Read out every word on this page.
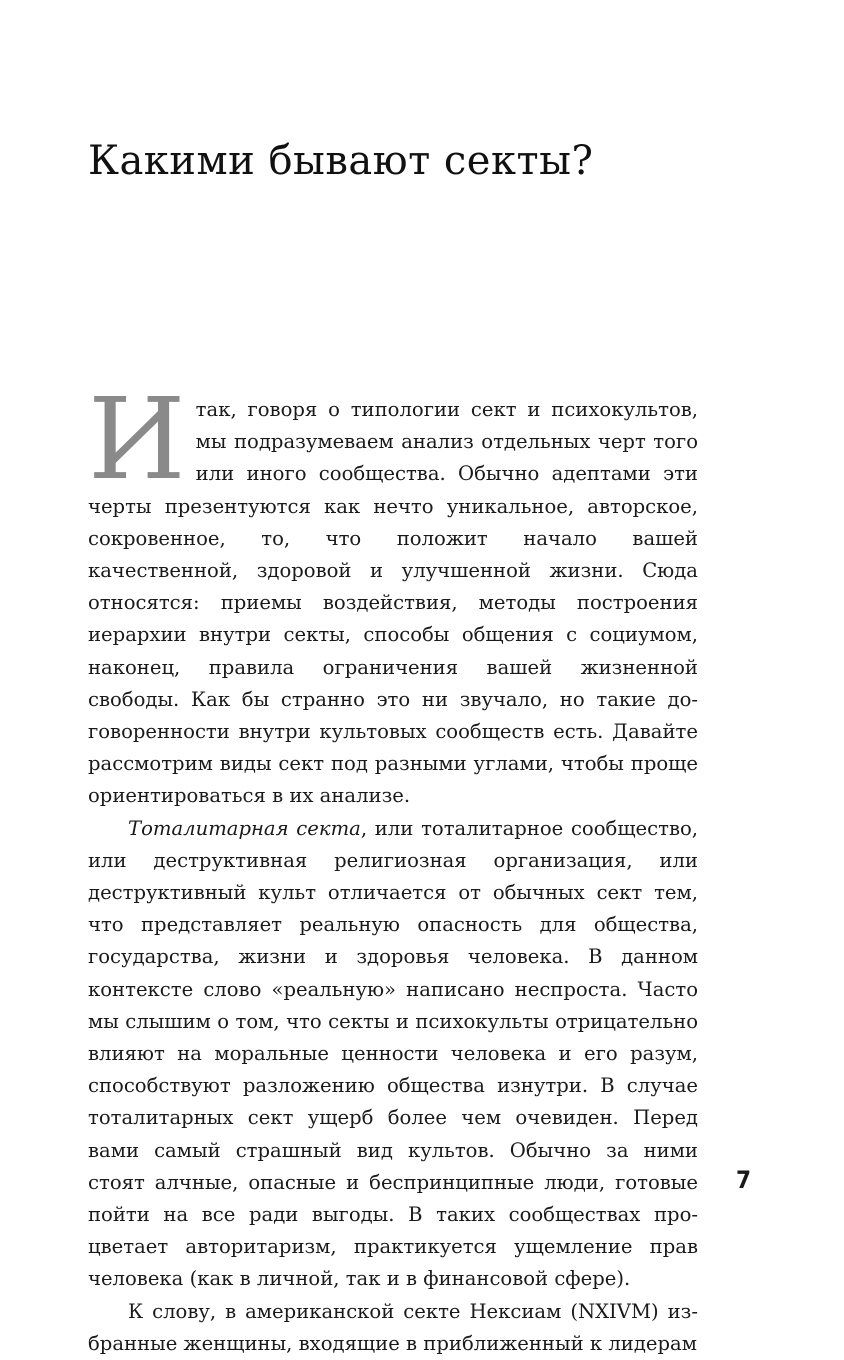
Какими бывают секты?

Итак, говоря о типологии сект и психокультов, мы подразумеваем анализ отдельных черт того или иного сообщества. Обычно адептами эти черты презентуются как нечто уникальное, авторское, сокровенное, то, что положит начало вашей качественной, здоровой и улучшенной жизни. Сюда относятся: приемы воздействия, методы построения иерархии внутри секты, способы общения с социумом, наконец, правила ограничения вашей жизненной свободы. Как бы странно это ни звучало, но такие договоренности внутри культовых сообществ есть. Давайте рассмотрим виды сект под разными углами, чтобы проще ориентироваться в их анализе.

Тоталитарная секта, или тоталитарное сообщество, или деструктивная религиозная организация, или деструктивный культ отличается от обычных сект тем, что представляет реальную опасность для общества, государства, жизни и здоровья человека. В данном контексте слово «реальную» написано неспроста. Часто мы слышим о том, что секты и психокульты отрицательно влияют на моральные ценности человека и его разум, способствуют разложению общества изнутри. В случае тоталитарных сект ущерб более чем очевиден. Перед вами самый страшный вид культов. Обычно за ними стоят алчные, опасные и беспринципные люди, готовые пойти на все ради выгоды. В таких сообществах процветает авторитаризм, практикуется ущемление прав человека (как в личной, так и в финансовой сфере).

К слову, в американской секте Нексиам (NXIVM) избранные женщины, входящие в приближенный к лидерам

7
